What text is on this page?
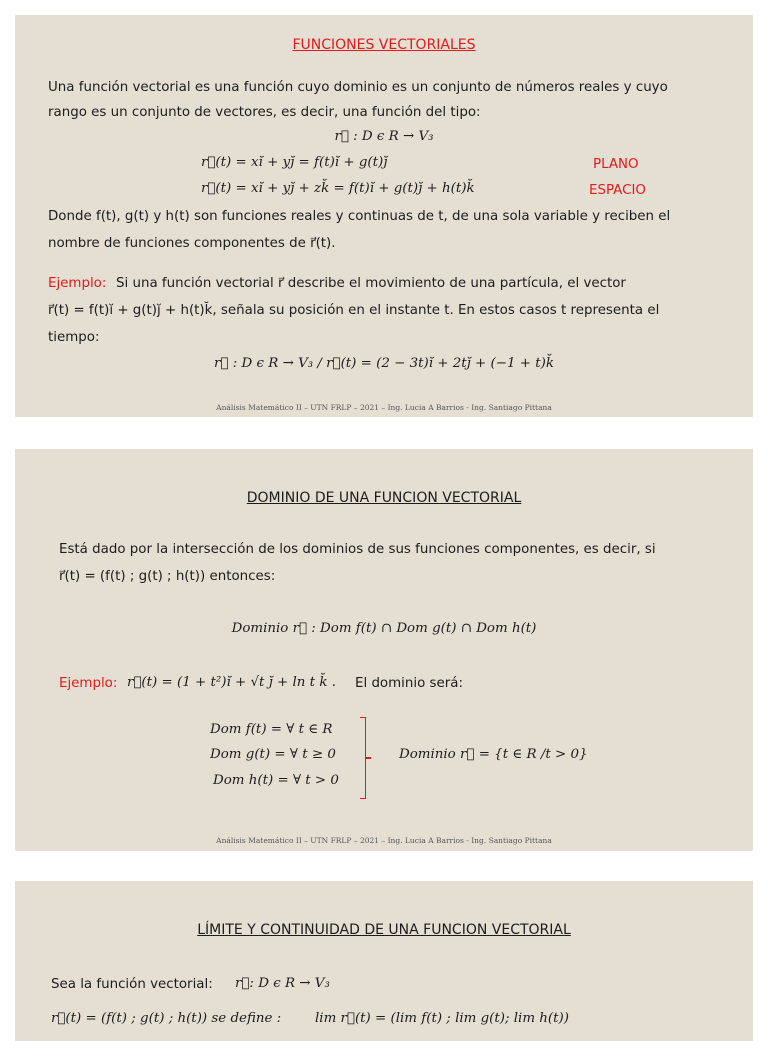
FUNCIONES VECTORIALES
Una función vectorial es una función cuyo dominio es un conjunto de números reales y cuyo
rango es un conjunto de vectores, es decir, una función del tipo:
r⃗ : D ϵ R → V₃
r⃗(t) = xı̆ + yȷ̆ = f(t)ı̆ + g(t)ȷ̆	PLANO
r⃗(t) = xı̆ + yȷ̆ + zk̆ = f(t)ı̆ + g(t)ȷ̆ + h(t)k̆	ESPACIO
Donde f(t), g(t) y h(t) son funciones reales y continuas de t, de una sola variable y reciben el
nombre de funciones componentes de r⃗(t).
Ejemplo: Si una función vectorial r⃗ describe el movimiento de una partícula, el vector
r⃗(t) = f(t)ı̆ + g(t)ȷ̆ + h(t)k̆, señala su posición en el instante t. En estos casos t representa el
tiempo:
r⃗ : D ϵ R → V₃ / r⃗(t) = (2 − 3t)ı̆ + 2tȷ̆ + (−1 + t)k̆
Análisis Matemático II – UTN FRLP – 2021 – Ing. Lucia A Barrios - Ing. Santiago Pittana
DOMINIO DE UNA FUNCION VECTORIAL
Está dado por la intersección de los dominios de sus funciones componentes, es decir, si
r⃗(t) = (f(t) ; g(t) ; h(t)) entonces:
Dominio r⃗ : Dom f(t) ∩ Dom g(t) ∩ Dom h(t)
Ejemplo: r⃗(t) = (1 + t²)ı̆ + √t ȷ̆ + ln t k̆ . El dominio será:
Dom f(t) = ∀ t ∈ R
Dom g(t) = ∀ t ≥ 0
Dom h(t) = ∀ t > 0
Dominio r⃗ = {t ∈ R /t > 0}
Análisis Matemático II – UTN FRLP – 2021 – Ing. Lucia A Barrios - Ing. Santiago Pittana
LÍMITE Y CONTINUIDAD DE UNA FUNCION VECTORIAL
Sea la función vectorial: r⃗: D ϵ R → V₃
r⃗(t) = (f(t) ; g(t) ; h(t)) se define :	lim r⃗(t) = (lim f(t) ; lim g(t); lim h(t))
